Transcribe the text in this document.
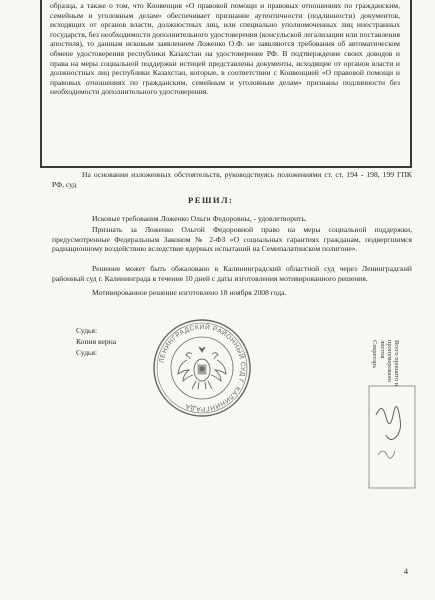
образца, а также о том, что Конвенция «О правовой помощи и правовых отношениях по гражданским, семейным и уголовным делам» обеспечивает признание аутентичности (подлинности) документов, исходящих от органов власти, должностных лиц, или специально уполномоченных лиц иностранных государств, без необходимости дополнительного удостоверения (консульской легализации или поставления апостиля), то данным исковым заявлением Ложенко О.Ф. не заявляются требования об автоматическом обмене удостоверения республики Казахстан на удостоверение РФ. В подтверждение своих доводов и права на меры социальной поддержки истицей представлены документы, исходящие от органов власти и должностных лиц республики Казахстан, которые, в соответствии с Конвенцией «О правовой помощи и правовых отношениях по гражданским, семейным и уголовным делам» признаны подлинности без необходимости дополнительного удостоверения.

На основании изложенных обстоятельств, руководствуясь положениями ст. ст. 194 - 198, 199 ГПК РФ, суд

РЕШИЛ:

Исковые требования Ложенко Ольги Федоровны, - удовлетворить.

Признать за Ложенко Ольгой Федоровной право на меры социальной поддержки, предусмотренные Федеральным Законом № 2-ФЗ «О социальных гарантиях гражданам, подвергшимся радиационному воздействию вследствие ядерных испытаний на Семипалатинском полигоне».

Решение может быть обжаловано в Калининградский областной суд через Ленинградский районный суд г. Калининграда в течение 10 дней с даты изготовления мотивированного решения.

Мотивированное решение изготовлено 18 ноября 2008 года.

Судья:

Копия верна

Судья:

ЛЕНИНГРАДСКИЙ РАЙОННЫЙ СУД Г. КАЛИНИНГРАДА
Всего прошито и
пронумеровано
листов
Секретарь

4
